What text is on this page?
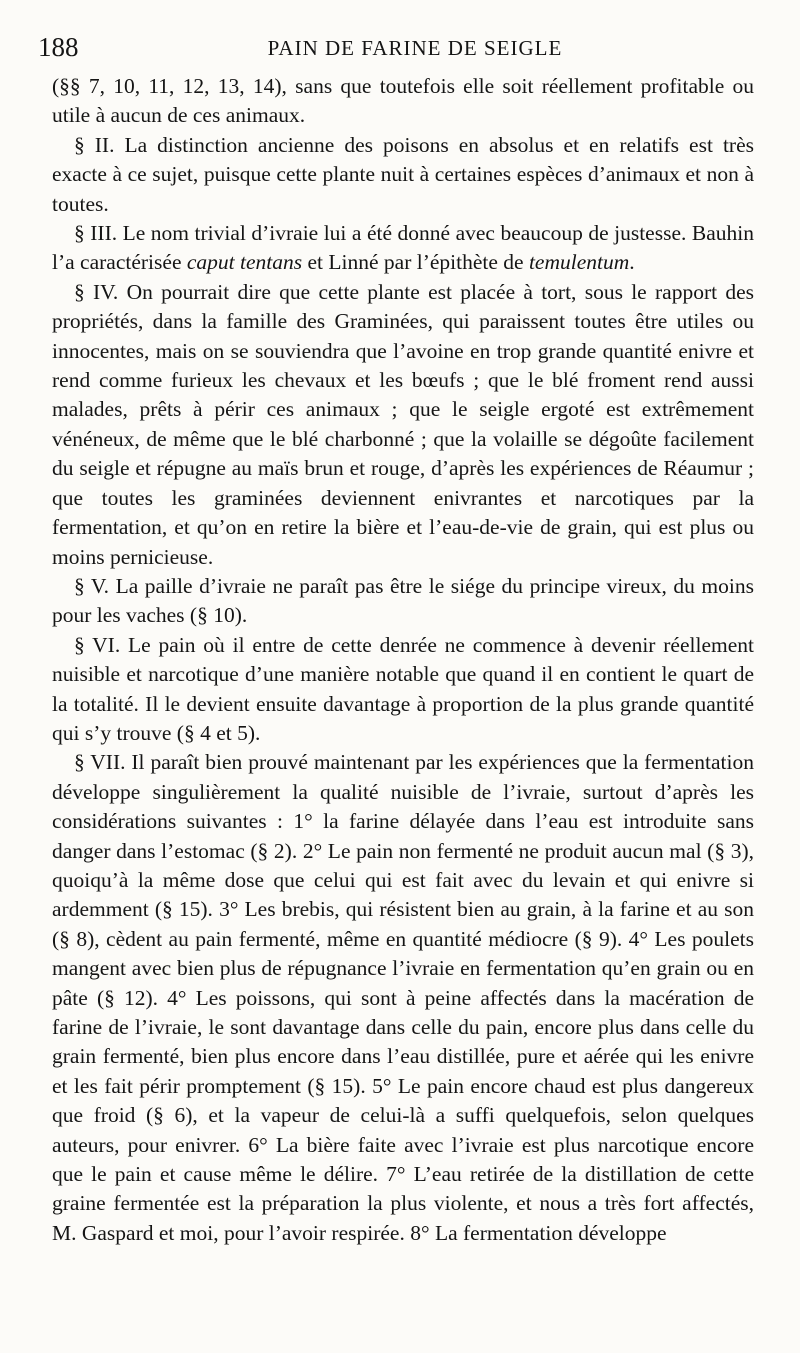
188	PAIN DE FARINE DE SEIGLE

(§§ 7, 10, 11, 12, 13, 14), sans que toutefois elle soit réellement profitable ou utile à aucun de ces animaux.

§ II. La distinction ancienne des poisons en absolus et en relatifs est très exacte à ce sujet, puisque cette plante nuit à certaines espèces d’animaux et non à toutes.

§ III. Le nom trivial d’ivraie lui a été donné avec beaucoup de justesse. Bauhin l’a caractérisée caput tentans et Linné par l’épithète de temulentum.

§ IV. On pourrait dire que cette plante est placée à tort, sous le rapport des propriétés, dans la famille des Graminées, qui paraissent toutes être utiles ou innocentes, mais on se souviendra que l’avoine en trop grande quantité enivre et rend comme furieux les chevaux et les bœufs ; que le blé froment rend aussi malades, prêts à périr ces animaux ; que le seigle ergoté est extrêmement vénéneux, de même que le blé charbonné ; que la volaille se dégoûte facilement du seigle et répugne au maïs brun et rouge, d’après les expériences de Réaumur ; que toutes les graminées deviennent enivrantes et narcotiques par la fermentation, et qu’on en retire la bière et l’eau-de-vie de grain, qui est plus ou moins pernicieuse.

§ V. La paille d’ivraie ne paraît pas être le siége du principe vireux, du moins pour les vaches (§ 10).

§ VI. Le pain où il entre de cette denrée ne commence à devenir réellement nuisible et narcotique d’une manière notable que quand il en contient le quart de la totalité. Il le devient ensuite davantage à proportion de la plus grande quantité qui s’y trouve (§ 4 et 5).

§ VII. Il paraît bien prouvé maintenant par les expériences que la fermentation développe singulièrement la qualité nuisible de l’ivraie, surtout d’après les considérations suivantes : 1° la farine délayée dans l’eau est introduite sans danger dans l’estomac (§ 2). 2° Le pain non fermenté ne produit aucun mal (§ 3), quoiqu’à la même dose que celui qui est fait avec du levain et qui enivre si ardemment (§ 15). 3° Les brebis, qui résistent bien au grain, à la farine et au son (§ 8), cèdent au pain fermenté, même en quantité médiocre (§ 9). 4° Les poulets mangent avec bien plus de répugnance l’ivraie en fermentation qu’en grain ou en pâte (§ 12). 4° Les poissons, qui sont à peine affectés dans la macération de farine de l’ivraie, le sont davantage dans celle du pain, encore plus dans celle du grain fermenté, bien plus encore dans l’eau distillée, pure et aérée qui les enivre et les fait périr promptement (§ 15). 5° Le pain encore chaud est plus dangereux que froid (§ 6), et la vapeur de celui-là a suffi quelquefois, selon quelques auteurs, pour enivrer. 6° La bière faite avec l’ivraie est plus narcotique encore que le pain et cause même le délire. 7° L’eau retirée de la distillation de cette graine fermentée est la préparation la plus violente, et nous a très fort affectés, M. Gaspard et moi, pour l’avoir respirée. 8° La fermentation développe
